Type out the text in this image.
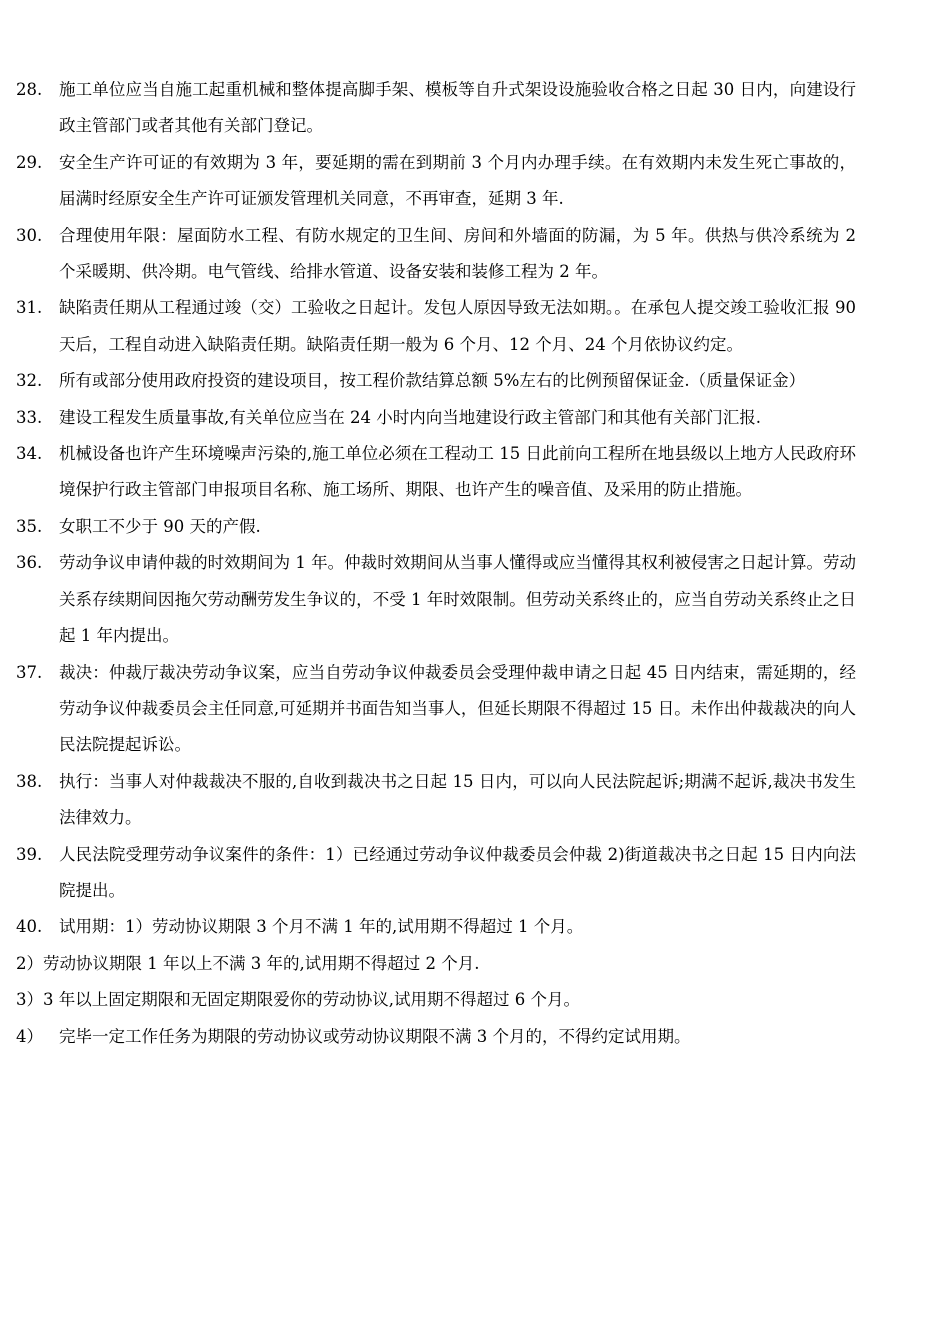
28.	施工单位应当自施工起重机械和整体提高脚手架、模板等自升式架设设施验收合格之日起 30 日内，向建设行政主管部门或者其他有关部门登记。
29.	安全生产许可证的有效期为 3 年，要延期的需在到期前 3 个月内办理手续。在有效期内未发生死亡事故的，届满时经原安全生产许可证颁发管理机关同意，不再审查，延期 3 年.
30.	合理使用年限：屋面防水工程、有防水规定的卫生间、房间和外墙面的防漏，为 5 年。供热与供冷系统为 2 个采暖期、供冷期。电气管线、给排水管道、设备安装和装修工程为 2 年。
31.	缺陷责任期从工程通过竣（交）工验收之日起计。发包人原因导致无法如期。。在承包人提交竣工验收汇报 90 天后，工程自动进入缺陷责任期。缺陷责任期一般为 6 个月、12 个月、24 个月依协议约定。
32.	所有或部分使用政府投资的建设项目，按工程价款结算总额 5%左右的比例预留保证金.（质量保证金）
33.	建设工程发生质量事故,有关单位应当在 24 小时内向当地建设行政主管部门和其他有关部门汇报.
34.	机械设备也许产生环境噪声污染的,施工单位必须在工程动工 15 日此前向工程所在地县级以上地方人民政府环境保护行政主管部门申报项目名称、施工场所、期限、也许产生的噪音值、及采用的防止措施。
35.	女职工不少于 90 天的产假.
36.	劳动争议申请仲裁的时效期间为 1 年。仲裁时效期间从当事人懂得或应当懂得其权利被侵害之日起计算。劳动关系存续期间因拖欠劳动酬劳发生争议的，不受 1 年时效限制。但劳动关系终止的，应当自劳动关系终止之日起 1 年内提出。
37.	裁决：仲裁厅裁决劳动争议案，应当自劳动争议仲裁委员会受理仲裁申请之日起 45 日内结束，需延期的，经劳动争议仲裁委员会主任同意,可延期并书面告知当事人，但延长期限不得超过 15 日。未作出仲裁裁决的向人民法院提起诉讼。
38.	执行：当事人对仲裁裁决不服的,自收到裁决书之日起 15 日内，可以向人民法院起诉;期满不起诉,裁决书发生法律效力。
39.	人民法院受理劳动争议案件的条件：1）已经通过劳动争议仲裁委员会仲裁 2)街道裁决书之日起 15 日内向法院提出。
40.	试用期：1）劳动协议期限 3 个月不满 1 年的,试用期不得超过 1 个月。
2）劳动协议期限 1 年以上不满 3 年的,试用期不得超过 2 个月.
3）3 年以上固定期限和无固定期限爱你的劳动协议,试用期不得超过 6 个月。
4） 完毕一定工作任务为期限的劳动协议或劳动协议期限不满 3 个月的，不得约定试用期。
